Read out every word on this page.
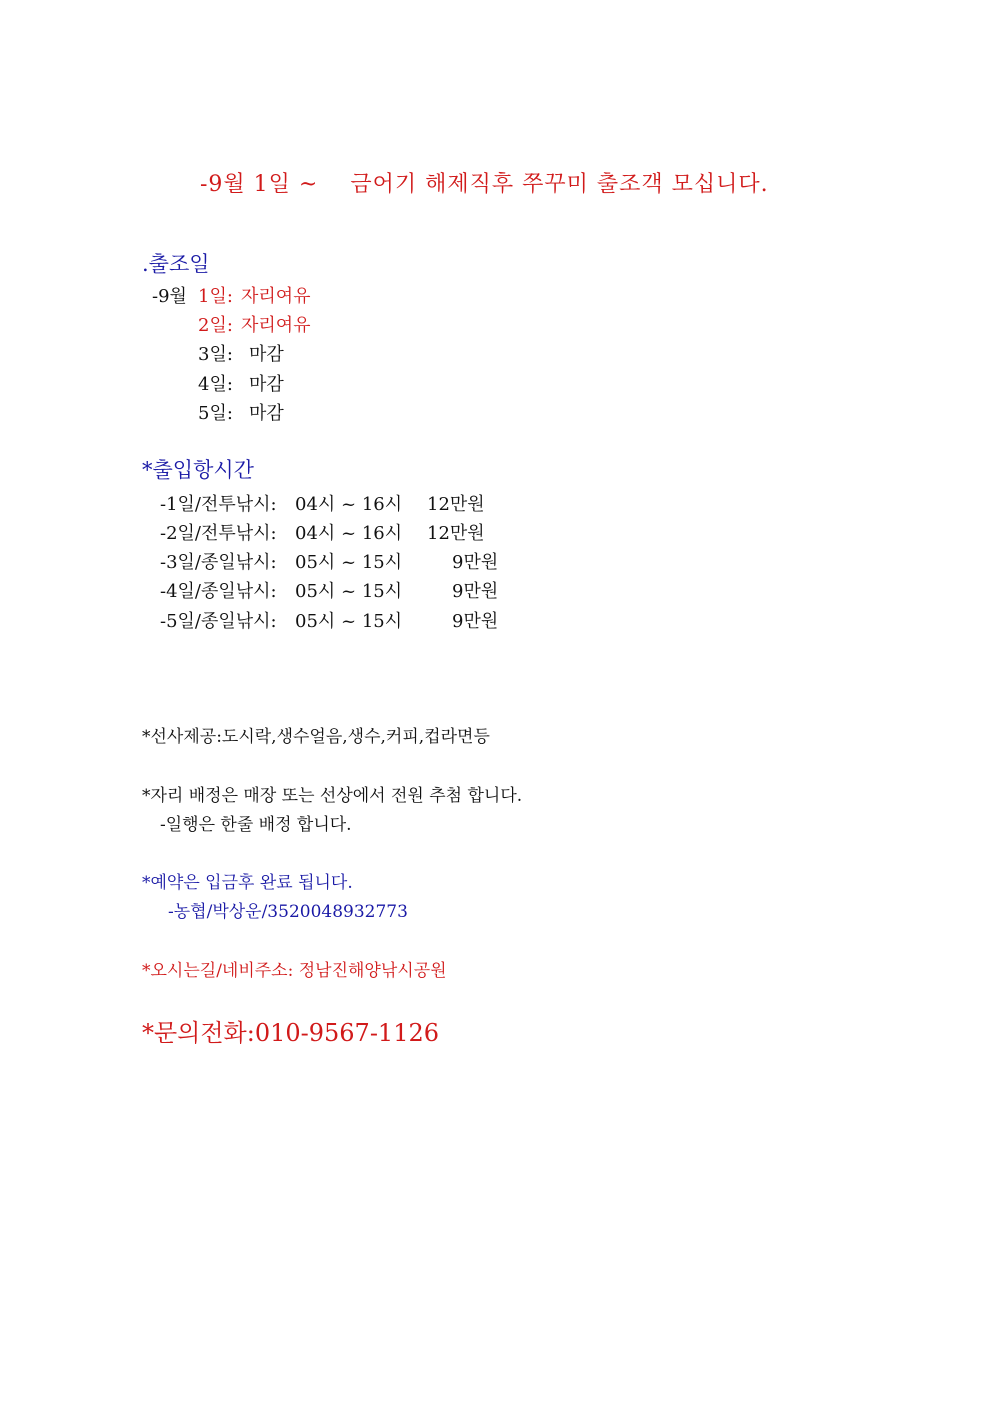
-9월 1일 ~    금어기 해제직후 쭈꾸미 출조객 모십니다.
.출조일
-9월 1일: 자리여유
2일: 자리여유
3일: 마감
4일: 마감
5일: 마감
*출입항시간
-1일/전투낚시: 04시 ~ 16시 12만원
-2일/전투낚시: 04시 ~ 16시 12만원
-3일/종일낚시: 05시 ~ 15시	9만원
-4일/종일낚시: 05시 ~ 15시	9만원
-5일/종일낚시: 05시 ~ 15시	9만원
*선사제공:도시락,생수얼음,생수,커피,컵라면등
*자리 배정은 매장 또는 선상에서 전원 추첨 합니다.
-일행은 한줄 배정 합니다.
*예약은 입금후 완료 됩니다.
-농협/박상운/3520048932773
*오시는길/네비주소: 정남진해양낚시공원
*문의전화:010-9567-1126
